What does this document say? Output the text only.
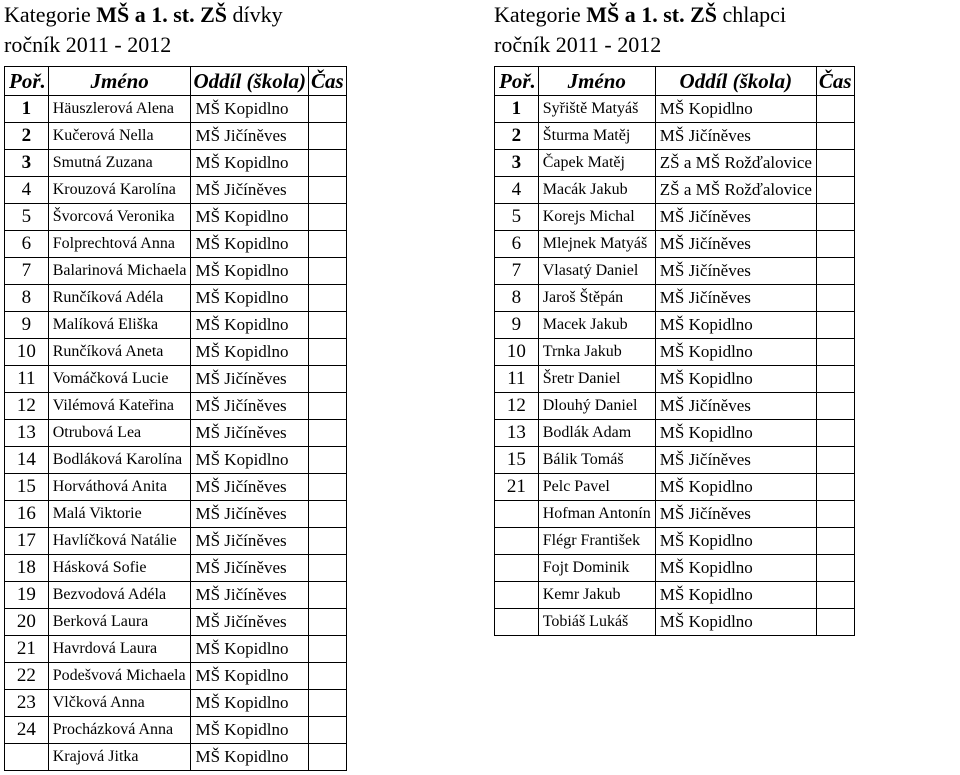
Kategorie MŠ a 1. st. ZŠ dívky
ročník 2011 - 2012
Poř.	Jméno	Oddíl (škola)	Čas
1	Häuszlerová Alena	MŠ Kopidlno	
2	Kučerová Nella	MŠ Jičíněves	
3	Smutná Zuzana	MŠ Kopidlno	
4	Krouzová Karolína	MŠ Jičíněves	
5	Švorcová Veronika	MŠ Kopidlno	
6	Folprechtová Anna	MŠ Kopidlno	
7	Balarinová Michaela	MŠ Kopidlno	
8	Runčíková Adéla	MŠ Kopidlno	
9	Malíková Eliška	MŠ Kopidlno	
10	Runčíková Aneta	MŠ Kopidlno	
11	Vomáčková Lucie	MŠ Jičíněves	
12	Vilémová Kateřina	MŠ Jičíněves	
13	Otrubová Lea	MŠ Jičíněves	
14	Bodláková Karolína	MŠ Kopidlno	
15	Horváthová Anita	MŠ Jičíněves	
16	Malá Viktorie	MŠ Jičíněves	
17	Havlíčková Natálie	MŠ Jičíněves	
18	Hásková Sofie	MŠ Jičíněves	
19	Bezvodová Adéla	MŠ Jičíněves	
20	Berková Laura	MŠ Jičíněves	
21	Havrdová Laura	MŠ Kopidlno	
22	Podešvová Michaela	MŠ Kopidlno	
23	Vlčková Anna	MŠ Kopidlno	
24	Procházková Anna	MŠ Kopidlno	
	Krajová Jitka	MŠ Kopidlno	
Kategorie MŠ a 1. st. ZŠ chlapci
ročník 2011 - 2012
Poř.	Jméno	Oddíl (škola)	Čas
1	Syřiště Matyáš	MŠ Kopidlno	
2	Šturma Matěj	MŠ Jičíněves	
3	Čapek Matěj	ZŠ a MŠ Rožďalovice	
4	Macák Jakub	ZŠ a MŠ Rožďalovice	
5	Korejs Michal	MŠ Jičíněves	
6	Mlejnek Matyáš	MŠ Jičíněves	
7	Vlasatý Daniel	MŠ Jičíněves	
8	Jaroš Štěpán	MŠ Jičíněves	
9	Macek Jakub	MŠ Kopidlno	
10	Trnka Jakub	MŠ Kopidlno	
11	Šretr Daniel	MŠ Kopidlno	
12	Dlouhý Daniel	MŠ Jičíněves	
13	Bodlák Adam	MŠ Kopidlno	
15	Bálik Tomáš	MŠ Jičíněves	
21	Pelc Pavel	MŠ Kopidlno	
	Hofman Antonín	MŠ Jičíněves	
	Flégr František	MŠ Kopidlno	
	Fojt Dominik	MŠ Kopidlno	
	Kemr Jakub	MŠ Kopidlno	
	Tobiáš Lukáš	MŠ Kopidlno	
